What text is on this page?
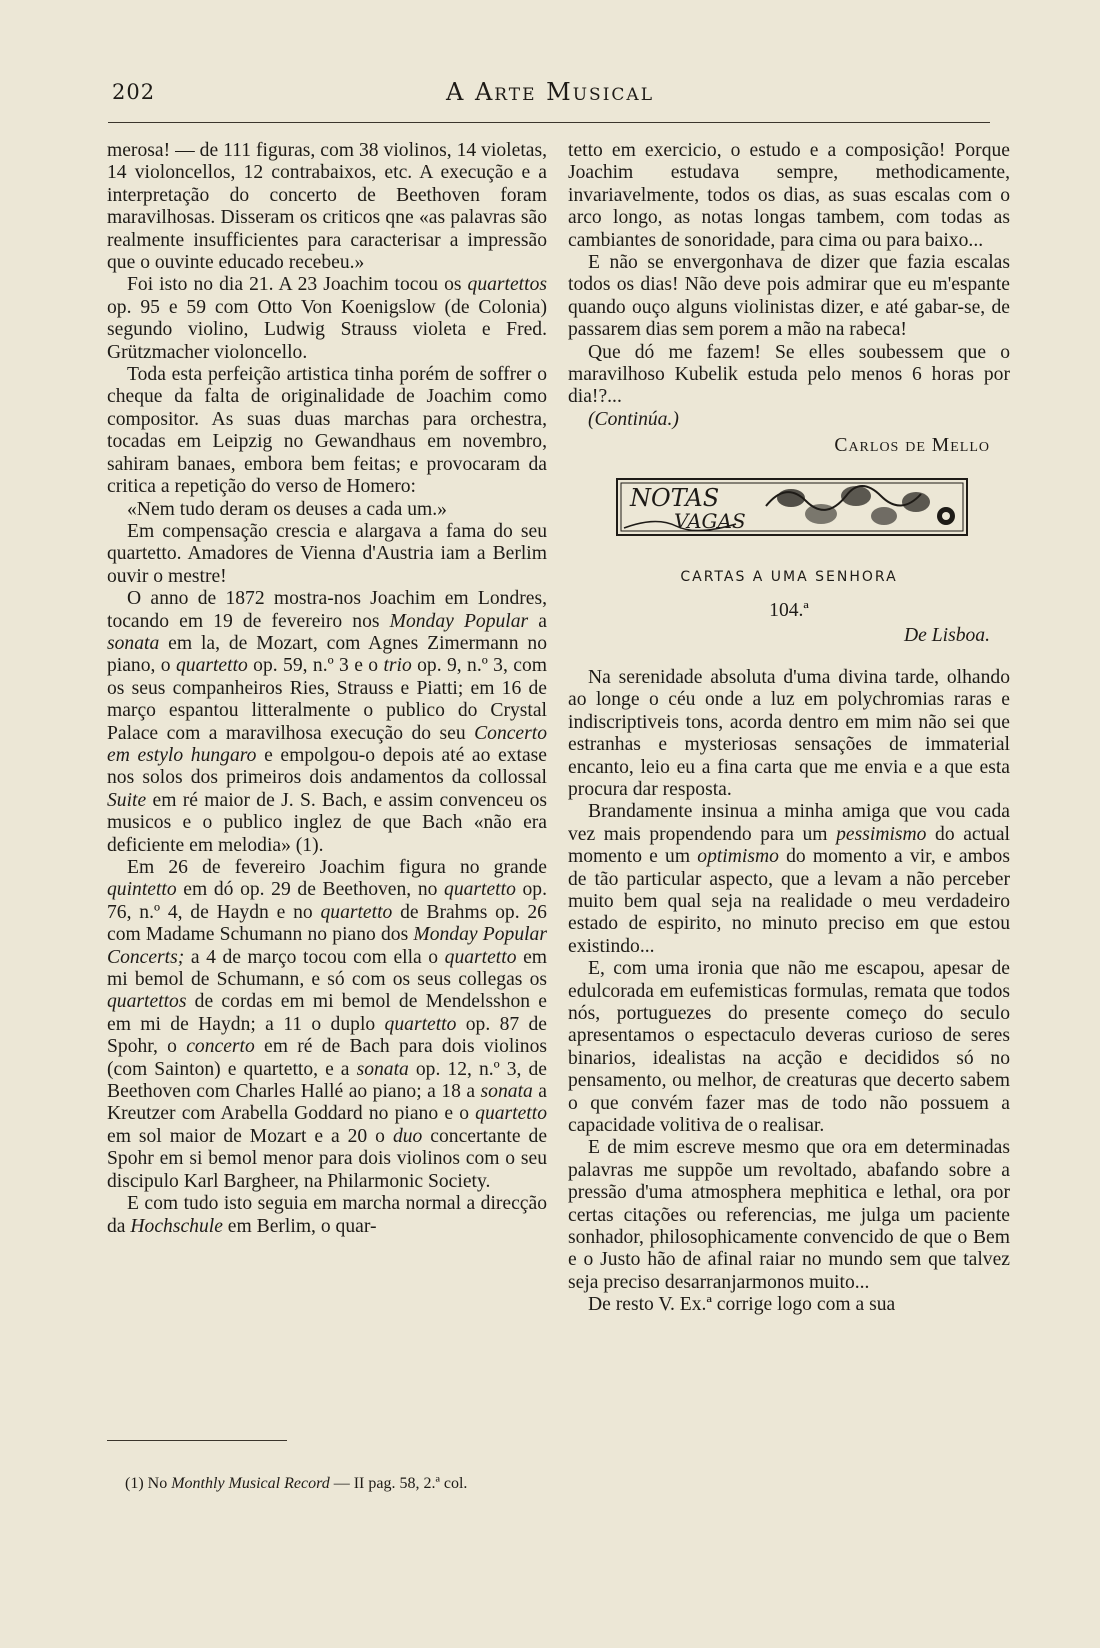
202	A Arte Musical

merosa! — de 111 figuras, com 38 violinos, 14 violetas, 14 violoncellos, 12 contrabaixos, etc. A execução e a interpretação do concerto de Beethoven foram maravilhosas. Disseram os criticos qne «as palavras são realmente insufficientes para caracterisar a impressão que o ouvinte educado recebeu.»

Foi isto no dia 21. A 23 Joachim tocou os quartettos op. 95 e 59 com Otto Von Koenigslow (de Colonia) segundo violino, Ludwig Strauss violeta e Fred. Grützmacher violoncello.

Toda esta perfeição artistica tinha porém de soffrer o cheque da falta de originalidade de Joachim como compositor. As suas duas marchas para orchestra, tocadas em Leipzig no Gewandhaus em novembro, sahiram banaes, embora bem feitas; e provocaram da critica a repetição do verso de Homero:

«Nem tudo deram os deuses a cada um.»

Em compensação crescia e alargava a fama do seu quartetto. Amadores de Vienna d'Austria iam a Berlim ouvir o mestre!

O anno de 1872 mostra-nos Joachim em Londres, tocando em 19 de fevereiro nos Monday Popular a sonata em la, de Mozart, com Agnes Zimermann no piano, o quartetto op. 59, n.º 3 e o trio op. 9, n.º 3, com os seus companheiros Ries, Strauss e Piatti; em 16 de março espantou litteralmente o publico do Crystal Palace com a maravilhosa execução do seu Concerto em estylo hungaro e empolgou-o depois até ao extase nos solos dos primeiros dois andamentos da collossal Suite em ré maior de J. S. Bach, e assim convenceu os musicos e o publico inglez de que Bach «não era deficiente em melodia» (1).

Em 26 de fevereiro Joachim figura no grande quintetto em dó op. 29 de Beethoven, no quartetto op. 76, n.º 4, de Haydn e no quartetto de Brahms op. 26 com Madame Schumann no piano dos Monday Popular Concerts; a 4 de março tocou com ella o quartetto em mi bemol de Schumann, e só com os seus collegas os quartettos de cordas em mi bemol de Mendelsshon e em mi de Haydn; a 11 o duplo quartetto op. 87 de Spohr, o concerto em ré de Bach para dois violinos (com Sainton) e quartetto, e a sonata op. 12, n.º 3, de Beethoven com Charles Hallé ao piano; a 18 a sonata a Kreutzer com Arabella Goddard no piano e o quartetto em sol maior de Mozart e a 20 o duo concertante de Spohr em si bemol menor para dois violinos com o seu discipulo Karl Bargheer, na Philarmonic Society.

E com tudo isto seguia em marcha normal a direcção da Hochschule em Berlim, o quar-

tetto em exercicio, o estudo e a composição! Porque Joachim estudava sempre, methodicamente, invariavelmente, todos os dias, as suas escalas com o arco longo, as notas longas tambem, com todas as cambiantes de sonoridade, para cima ou para baixo...

E não se envergonhava de dizer que fazia escalas todos os dias! Não deve pois admirar que eu m'espante quando ouço alguns violinistas dizer, e até gabar-se, de passarem dias sem porem a mão na rabeca!

Que dó me fazem! Se elles soubessem que o maravilhoso Kubelik estuda pelo menos 6 horas por dia!?...

(Continúa.)

Carlos de Mello
NOTAS
VAGAS
CARTAS A UMA SENHORA
104.ª
De Lisboa.

Na serenidade absoluta d'uma divina tarde, olhando ao longe o céu onde a luz em polychromias raras e indiscriptiveis tons, acorda dentro em mim não sei que estranhas e mysteriosas sensações de immaterial encanto, leio eu a fina carta que me envia e a que esta procura dar resposta.

Brandamente insinua a minha amiga que vou cada vez mais propendendo para um pessimismo do actual momento e um optimismo do momento a vir, e ambos de tão particular aspecto, que a levam a não perceber muito bem qual seja na realidade o meu verdadeiro estado de espirito, no minuto preciso em que estou existindo...

E, com uma ironia que não me escapou, apesar de edulcorada em eufemisticas formulas, remata que todos nós, portuguezes do presente começo do seculo apresentamos o espectaculo deveras curioso de seres binarios, idealistas na acção e decididos só no pensamento, ou melhor, de creaturas que decerto sabem o que convém fazer mas de todo não possuem a capacidade volitiva de o realisar.

E de mim escreve mesmo que ora em determinadas palavras me suppõe um revoltado, abafando sobre a pressão d'uma atmosphera mephitica e lethal, ora por certas citações ou referencias, me julga um paciente sonhador, philosophicamente convencido de que o Bem e o Justo hão de afinal raiar no mundo sem que talvez seja preciso desarranjarmonos muito...

De resto V. Ex.ª corrige logo com a sua

(1) No Monthly Musical Record — II pag. 58, 2.ª col.
